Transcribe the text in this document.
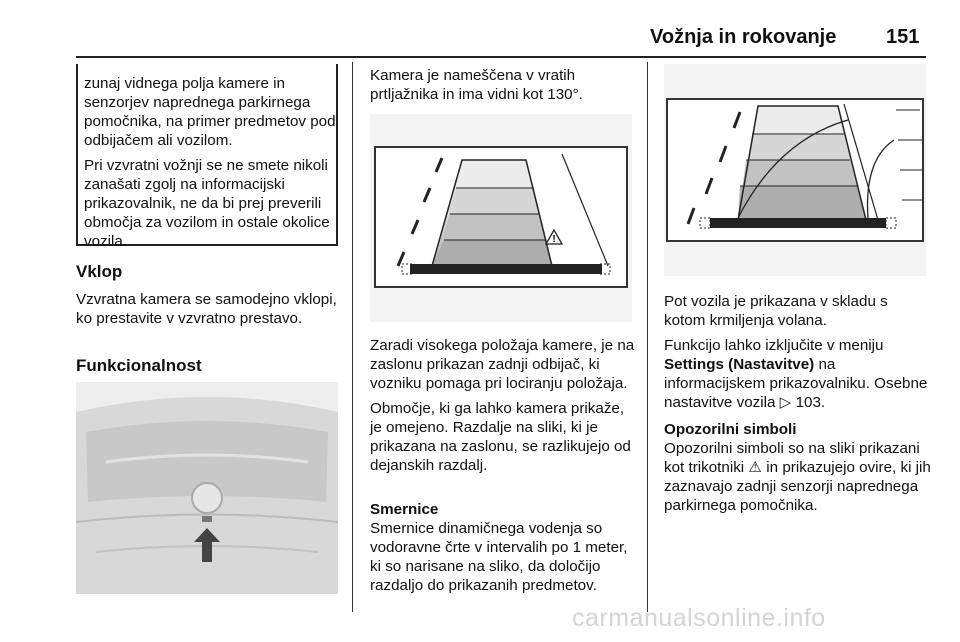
Vožnja in rokovanje 151

zunaj vidnega polja kamere in senzorjev naprednega parkirnega pomočnika, na primer predmetov pod odbijačem ali vozilom.

Pri vzvratni vožnji se ne smete nikoli zanašati zgolj na informacijski prikazovalnik, ne da bi prej preverili območja za vozilom in ostale okolice vozila.

Vklop
Vzvratna kamera se samodejno vklopi, ko prestavite v vzvratno prestavo.
Funkcionalnost
Kamera je nameščena v vratih prtljažnika in ima vidni kot 130°.
!

Zaradi visokega položaja kamere, je na zaslonu prikazan zadnji odbijač, ki vozniku pomaga pri lociranju položaja.

Območje, ki ga lahko kamera prikaže, je omejeno. Razdalje na sliki, ki je prikazana na zaslonu, se razlikujejo od dejanskih razdalj.

Smernice
Smernice dinamičnega vodenja so vodoravne črte v intervalih po 1 meter, ki so narisane na sliko, da določijo razdaljo do prikazanih predmetov.

Pot vozila je prikazana v skladu s kotom krmiljenja volana.

Funkcijo lahko izključite v meniju Settings (Nastavitve) na informacijskem prikazovalniku. Osebne nastavitve vozila ▷ 103.

Opozorilni simboli
Opozorilni simboli so na sliki prikazani kot trikotniki ⚠ in prikazujejo ovire, ki jih zaznavajo zadnji senzorji naprednega parkirnega pomočnika.
carmanualsonline.info
